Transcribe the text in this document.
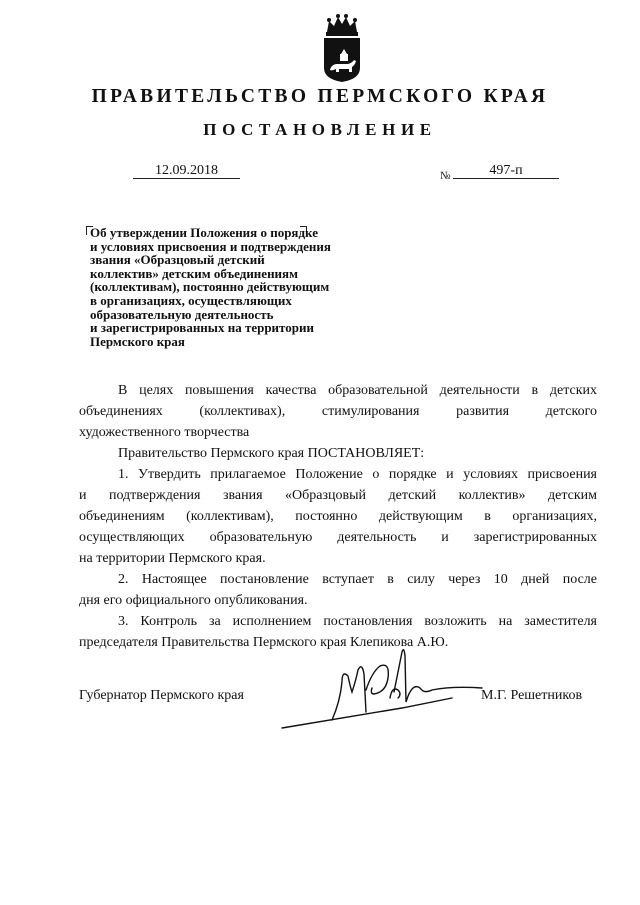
ПРАВИТЕЛЬСТВО ПЕРМСКОГО КРАЯ
ПОСТАНОВЛЕНИЕ
12.09.2018	№	497-п
Об утверждении Положения о порядке
и условиях присвоения и подтверждения
звания «Образцовый детский
коллектив» детским объединениям
(коллективам), постоянно действующим
в организациях, осуществляющих
образовательную деятельность
и зарегистрированных на территории
Пермского края

В целях повышения качества образовательной деятельности в детских
объединениях (коллективах), стимулирования развития детского
художественного творчества

Правительство Пермского края ПОСТАНОВЛЯЕТ:

1. Утвердить прилагаемое Положение о порядке и условиях присвоения
и подтверждения звания «Образцовый детский коллектив» детским
объединениям (коллективам), постоянно действующим в организациях,
осуществляющих образовательную деятельность и зарегистрированных
на территории Пермского края.

2. Настоящее постановление вступает в силу через 10 дней после
дня его официального опубликования.

3. Контроль за исполнением постановления возложить на заместителя
председателя Правительства Пермского края Клепикова А.Ю.

Губернатор Пермского края	М.Г. Решетников
